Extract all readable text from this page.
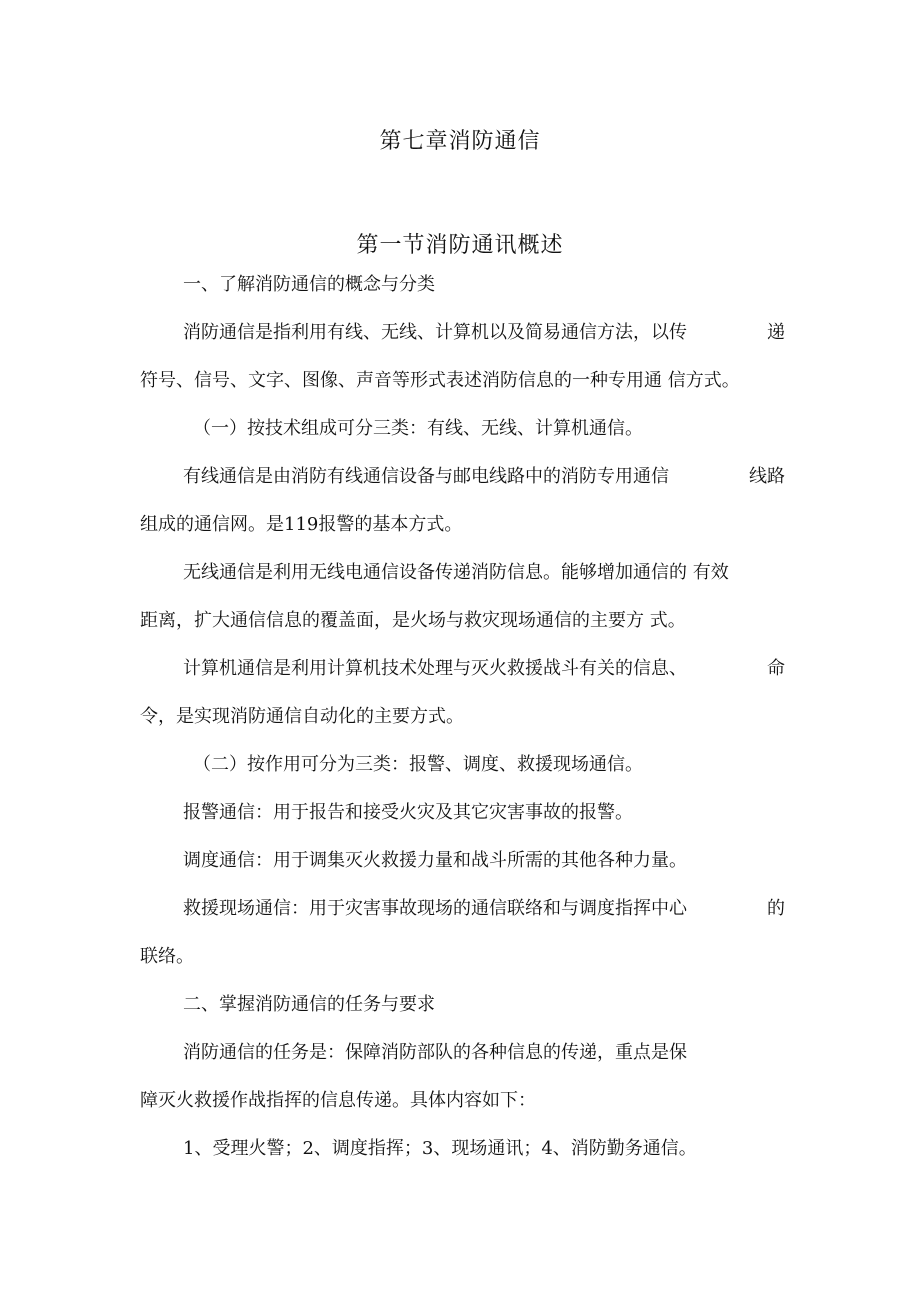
第七章消防通信
第一节消防通讯概述

一、了解消防通信的概念与分类

消防通信是指利用有线、无线、计算机以及简易通信方法，以传	递

符号、信号、文字、图像、声音等形式表述消防信息的一种专用通 信方式。

（一）按技术组成可分三类：有线、无线、计算机通信。

有线通信是由消防有线通信设备与邮电线路中的消防专用通信	线路

组成的通信网。是119报警的基本方式。

无线通信是利用无线电通信设备传递消防信息。能够增加通信的 有效

距离，扩大通信信息的覆盖面，是火场与救灾现场通信的主要方 式。

计算机通信是利用计算机技术处理与灭火救援战斗有关的信息、	命

令，是实现消防通信自动化的主要方式。

（二）按作用可分为三类：报警、调度、救援现场通信。

报警通信：用于报告和接受火灾及其它灾害事故的报警。

调度通信：用于调集灭火救援力量和战斗所需的其他各种力量。

救援现场通信：用于灾害事故现场的通信联络和与调度指挥中心	的

联络。

二、掌握消防通信的任务与要求

消防通信的任务是：保障消防部队的各种信息的传递，重点是保

障灭火救援作战指挥的信息传递。具体内容如下：

1、受理火警；2、调度指挥；3、现场通讯；4、消防勤务通信。
